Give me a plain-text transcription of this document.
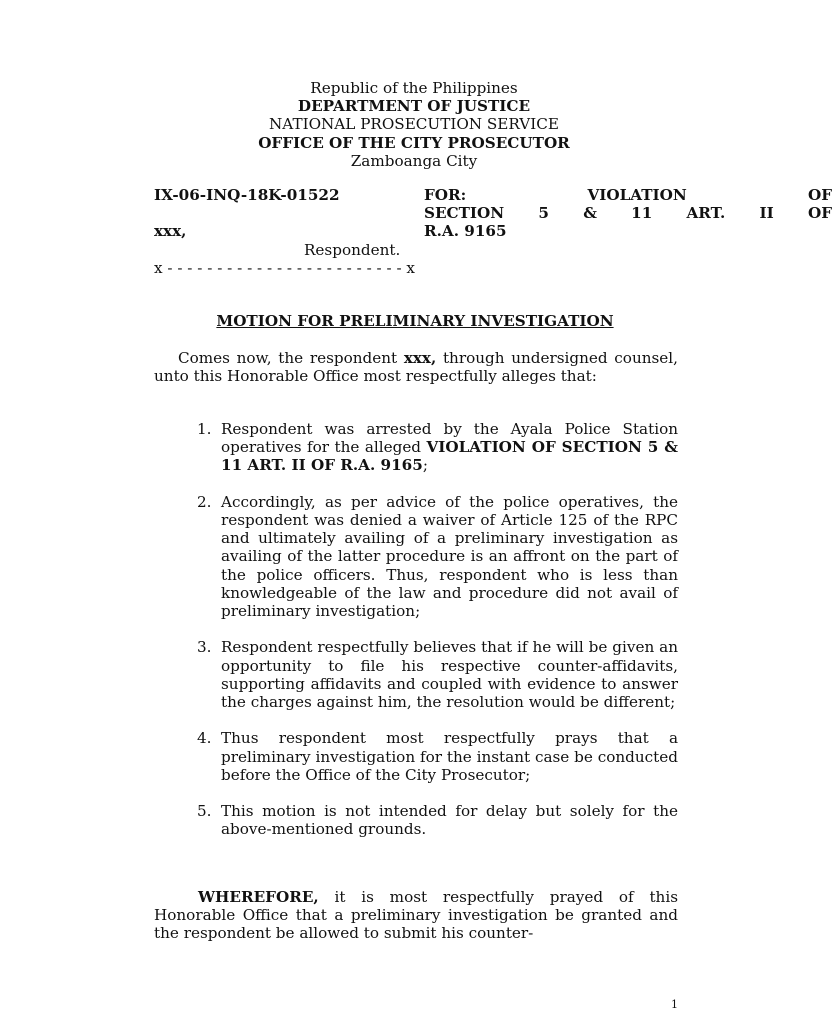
Republic of the Philippines
DEPARTMENT OF JUSTICE
NATIONAL PROSECUTION SERVICE
OFFICE OF THE CITY PROSECUTOR
Zamboanga City
IX-06-INQ-18K-01522
xxx,
Respondent.
x - - - - - - - - - - - - - - - - - - - - - - - - x
FOR: VIOLATION OF
SECTION 5 & 11 ART. II OF
R.A. 9165
MOTION FOR PRELIMINARY INVESTIGATION

Comes now, the respondent xxx, through undersigned counsel, unto this Honorable Office most respectfully alleges that:

1. Respondent was arrested by the Ayala Police Station operatives for the alleged VIOLATION OF SECTION 5 & 11 ART. II OF R.A. 9165;
2. Accordingly, as per advice of the police operatives, the respondent was denied a waiver of Article 125 of the RPC and ultimately availing of a preliminary investigation as availing of the latter procedure is an affront on the part of the police officers. Thus, respondent who is less than knowledgeable of the law and procedure did not avail of preliminary investigation;
3. Respondent respectfully believes that if he will be given an opportunity to file his respective counter-affidavits, supporting affidavits and coupled with evidence to answer the charges against him, the resolution would be different;
4. Thus respondent most respectfully prays that a preliminary investigation for the instant case be conducted before the Office of the City Prosecutor;
5. This motion is not intended for delay but solely for the above-mentioned grounds.

WHEREFORE, it is most respectfully prayed of this Honorable Office that a preliminary investigation be granted and the respondent be allowed to submit his counter-

1
